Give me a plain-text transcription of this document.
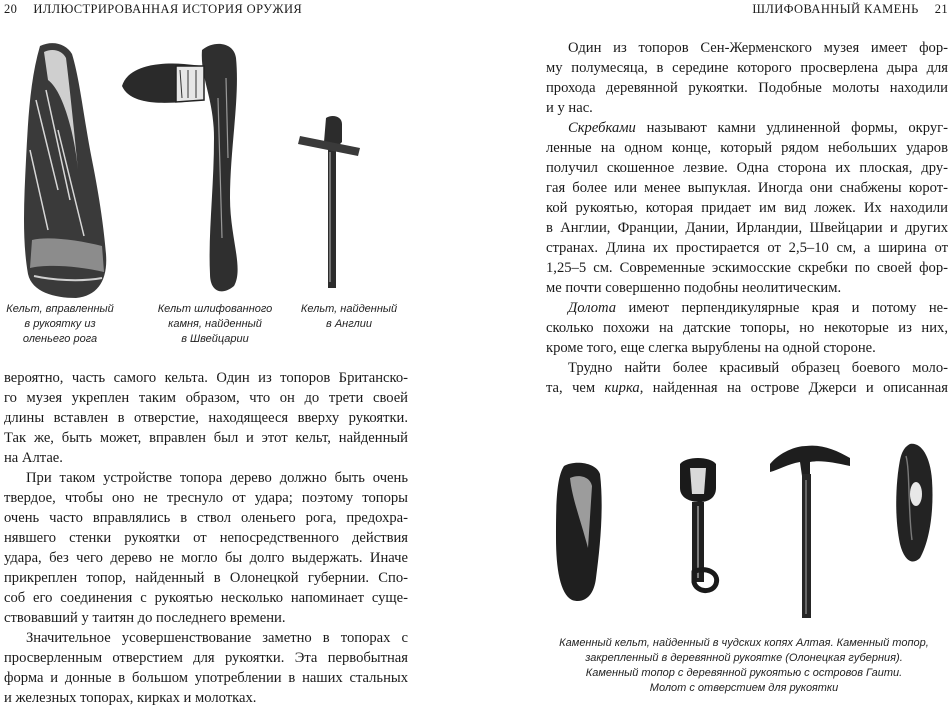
20 ИЛЛЮСТРИРОВАННАЯ ИСТОРИЯ ОРУЖИЯ
Кельт, вправленный
в рукоятку из
оленьего рога
Кельт шлифованного
камня, найденный
в Швейцарии
Кельт, найденный
в Англии
вероятно, часть самого кельта. Один из топоров Британско-
го музея укреплен таким образом, что он до трети своей
длины вставлен в отверстие, находящееся вверху рукоятки.
Так же, быть может, вправлен был и этот кельт, найденный
на Алтае.
При таком устройстве топора дерево должно быть очень
твердое, чтобы оно не треснуло от удара; поэтому топоры
очень часто вправлялись в ствол оленьего рога, предохра-
нявшего стенки рукоятки от непосредственного действия
удара, без чего дерево не могло бы долго выдержать. Иначе
прикреплен топор, найденный в Олонецкой губернии. Спо-
соб его соединения с рукоятью несколько напоминает суще-
ствовавший у таитян до последнего времени.
Значительное усовершенствование заметно в топорах с
просверленным отверстием для рукоятки. Эта первобытная
форма и донные в большом употреблении в наших стальных
и железных топорах, кирках и молотках.
ШЛИФОВАННЫЙ КАМЕНЬ 21
Один из топоров Сен-Жерменского музея имеет фор-
му полумесяца, в середине которого просверлена дыра для
прохода деревянной рукоятки. Подобные молоты находили
и у нас.
Скребками называют камни удлиненной формы, округ-
ленные на одном конце, который рядом небольших ударов
получил скошенное лезвие. Одна сторона их плоская, дру-
гая более или менее выпуклая. Иногда они снабжены корот-
кой рукоятью, которая придает им вид ложек. Их находили
в Англии, Франции, Дании, Ирландии, Швейцарии и других
странах. Длина их простирается от 2,5–10 см, а ширина от
1,25–5 см. Современные эскимосские скребки по своей фор-
ме почти совершенно подобны неолитическим.
Долота имеют перпендикулярные края и потому не-
сколько похожи на датские топоры, но некоторые из них,
кроме того, еще слегка вырублены на одной стороне.
Трудно найти более красивый образец боевого моло-
та, чем кирка, найденная на острове Джерси и описанная
Каменный кельт, найденный в чудских копях Алтая. Каменный топор,
закрепленный в деревянной рукоятке (Олонецкая губерния).
Каменный топор с деревянной рукоятью с островов Гаити.
Молот с отверстием для рукоятки
